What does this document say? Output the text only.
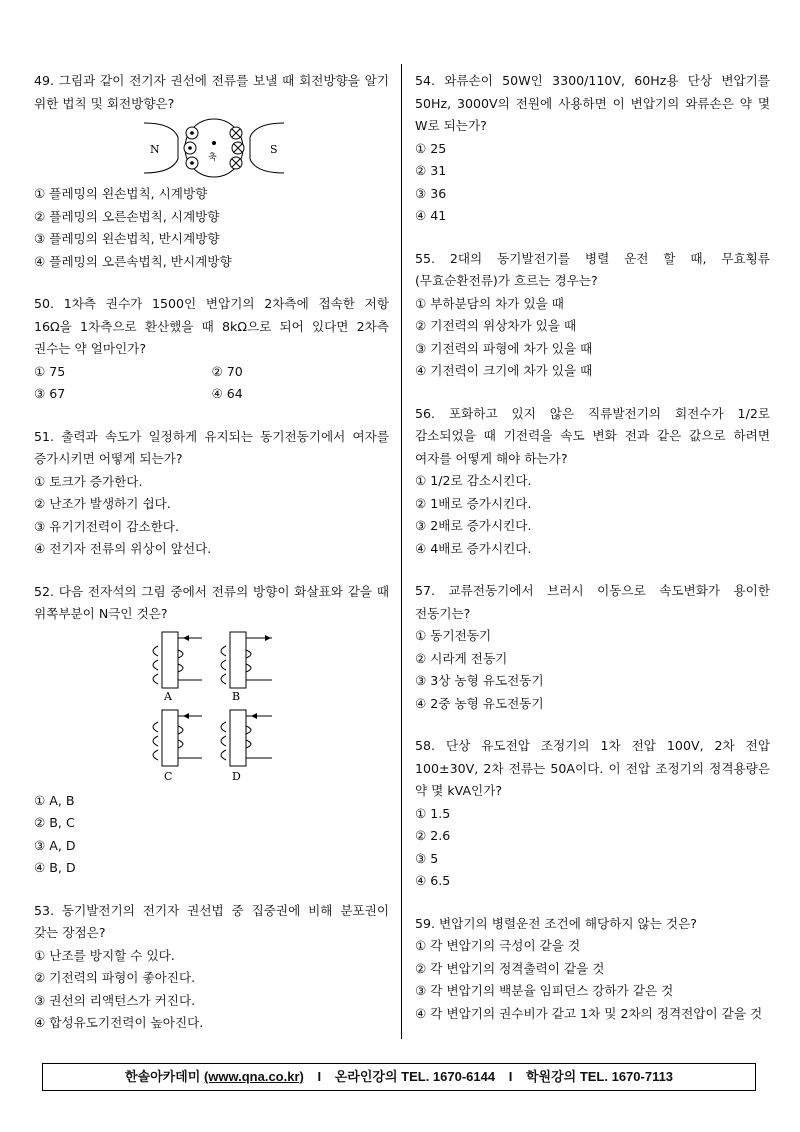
49. 그림과 같이 전기자 권선에 전류를 보낼 때 회전방향을 알기 위한 법칙 및 회전방향은?
축
N	S
① 플레밍의 왼손법칙, 시계방향
② 플레밍의 오른손법칙, 시계방향
③ 플레밍의 왼손법칙, 반시계방향
④ 플레밍의 오른속법칙, 반시계방향
50. 1차측 권수가 1500인 변압기의 2차측에 접속한 저항 16Ω을 1차측으로 환산했을 때 8kΩ으로 되어 있다면 2차측 권수는 약 얼마인가?
① 75	② 70
③ 67	④ 64
51. 출력과 속도가 일정하게 유지되는 동기전동기에서 여자를 증가시키면 어떻게 되는가?
① 토크가 증가한다.
② 난조가 발생하기 쉽다.
③ 유기기전력이 감소한다.
④ 전기자 전류의 위상이 앞선다.
52. 다음 전자석의 그림 중에서 전류의 방향이 화살표와 같을 때 위쪽부분이 N극인 것은?
A	B
C	D
① A, B
② B, C
③ A, D
④ B, D
53. 동기발전기의 전기자 권선법 중 집중권에 비해 분포권이 갖는 장점은?
① 난조를 방지할 수 있다.
② 기전력의 파형이 좋아진다.
③ 권선의 리액턴스가 커진다.
④ 합성유도기전력이 높아진다.
54. 와류손이 50W인 3300/110V, 60Hz용 단상 변압기를 50Hz, 3000V의 전원에 사용하면 이 변압기의 와류손은 약 몇 W로 되는가?
① 25
② 31
③ 36
④ 41
55. 2대의 동기발전기를 병렬 운전 할 때, 무효횡류(무효순환전류)가 흐르는 경우는?
① 부하분담의 차가 있을 때
② 기전력의 위상차가 있을 때
③ 기전력의 파형에 차가 있을 때
④ 기전력이 크기에 차가 있을 때
56. 포화하고 있지 않은 직류발전기의 회전수가 1/2로 감소되었을 때 기전력을 속도 변화 전과 같은 값으로 하려면 여자를 어떻게 해야 하는가?
① 1/2로 감소시킨다.
② 1배로 증가시킨다.
③ 2배로 증가시킨다.
④ 4배로 증가시킨다.
57. 교류전동기에서 브러시 이동으로 속도변화가 용이한 전동기는?
① 동기전동기
② 시라게 전동기
③ 3상 농형 유도전동기
④ 2중 농형 유도전동기
58. 단상 유도전압 조정기의 1차 전압 100V, 2차 전압 100±30V, 2차 전류는 50A이다. 이 전압 조정기의 정격용량은 약 몇 kVA인가?
① 1.5
② 2.6
③ 5
④ 6.5
59. 변압기의 병렬운전 조건에 해당하지 않는 것은?
① 각 변압기의 극성이 같을 것
② 각 변압기의 정격출력이 같을 것
③ 각 변압기의 백분율 임피던스 강하가 같은 것
④ 각 변압기의 권수비가 같고 1차 및 2차의 정격전압이 같을 것
한솔아카데미 (www.qna.co.kr) I 온라인강의 TEL. 1670-6144 I 학원강의 TEL. 1670-7113
